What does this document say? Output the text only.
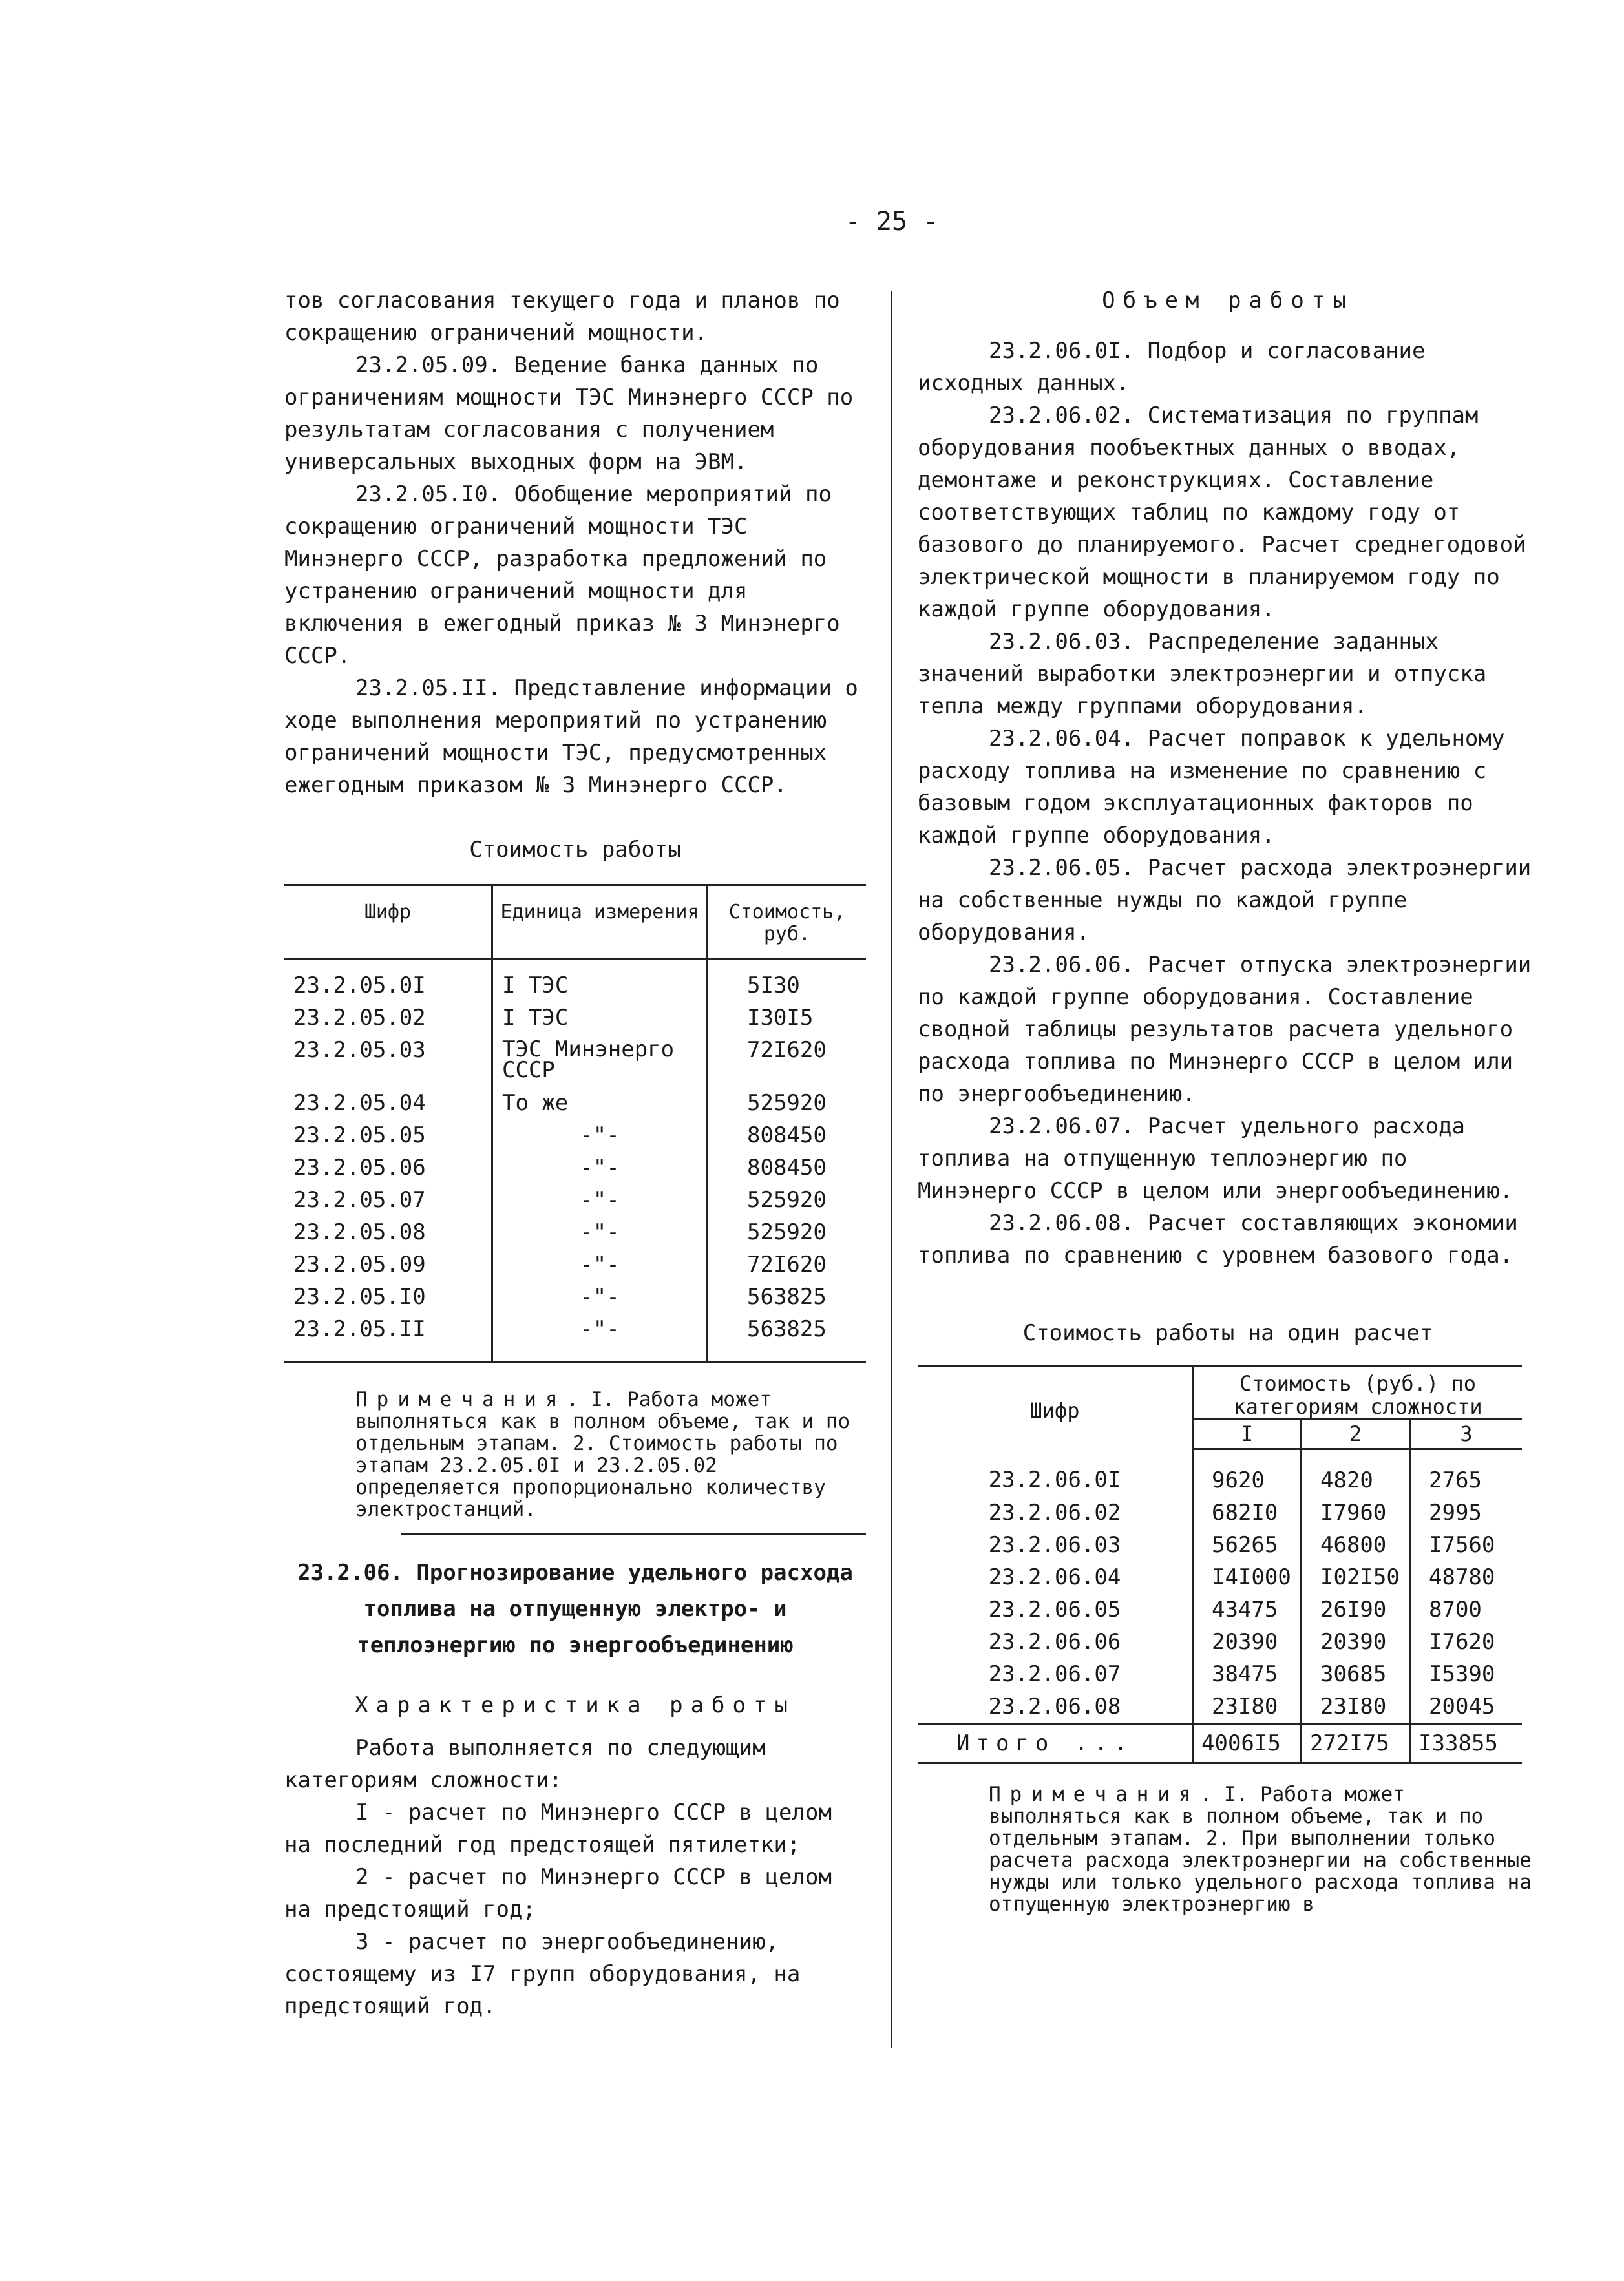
- 25 -

тов согласования текущего года и планов по сокращению ограничений мощности.

23.2.05.09. Ведение банка данных по ограничениям мощности ТЭС Минэнерго СССР по результатам согласования с получением универсальных выходных форм на ЭВМ.

23.2.05.I0. Обобщение мероприятий по сокращению ограничений мощности ТЭС Минэнерго СССР, разработка предложений по устранению ограничений мощности для включения в ежегодный приказ № 3 Минэнерго СССР.

23.2.05.II. Представление информации о ходе выполнения мероприятий по устранению ограничений мощности ТЭС, предусмотренных ежегодным приказом № 3 Минэнерго СССР.

Стоимость работы

Шифр	Единица измерения	Стоимость, руб.
23.2.05.0I	I ТЭС	5I30
23.2.05.02	I ТЭС	I30I5
23.2.05.03	ТЭС Минэнерго СССР	72I620
23.2.05.04	То же	525920
23.2.05.05	-"-	808450
23.2.05.06	-"-	808450
23.2.05.07	-"-	525920
23.2.05.08	-"-	525920
23.2.05.09	-"-	72I620
23.2.05.I0	-"-	563825
23.2.05.II	-"-	563825

Примечания. I. Работа может выполняться как в полном объеме, так и по отдельным этапам. 2. Стоимость работы по этапам 23.2.05.0I и 23.2.05.02 определяется пропорционально количеству электростанций.

23.2.06. Прогнозирование удельного расхода топлива на отпущенную электро- и теплоэнергию по энергообъединению

Характеристика работы

Работа выполняется по следующим категориям сложности:

I - расчет по Минэнерго СССР в целом на последний год предстоящей пятилетки;

2 - расчет по Минэнерго СССР в целом на предстоящий год;

3 - расчет по энергообъединению, состоящему из I7 групп оборудования, на предстоящий год.

Объем работы

23.2.06.0I. Подбор и согласование исходных данных.

23.2.06.02. Систематизация по группам оборудования пообъектных данных о вводах, демонтаже и реконструкциях. Составление соответствующих таблиц по каждому году от базового до планируемого. Расчет среднегодовой электрической мощности в планируемом году по каждой группе оборудования.

23.2.06.03. Распределение заданных значений выработки электроэнергии и отпуска тепла между группами оборудования.

23.2.06.04. Расчет поправок к удельному расходу топлива на изменение по сравнению с базовым годом эксплуатационных факторов по каждой группе оборудования.

23.2.06.05. Расчет расхода электроэнергии на собственные нужды по каждой группе оборудования.

23.2.06.06. Расчет отпуска электроэнергии по каждой группе оборудования. Составление сводной таблицы результатов расчета удельного расхода топлива по Минэнерго СССР в целом или по энергообъединению.

23.2.06.07. Расчет удельного расхода топлива на отпущенную теплоэнергию по Минэнерго СССР в целом или энергообъединению.

23.2.06.08. Расчет составляющих экономии топлива по сравнению с уровнем базового года.

Стоимость работы на один расчет

Шифр	Стоимость (руб.) по категориям сложности		
	I	2	3
23.2.06.0I	9620	4820	2765
23.2.06.02	682I0	I7960	2995
23.2.06.03	56265	46800	I7560
23.2.06.04	I4I000	I02I50	48780
23.2.06.05	43475	26I90	8700
23.2.06.06	20390	20390	I7620
23.2.06.07	38475	30685	I5390
23.2.06.08	23I80	23I80	20045
Итого ...	4006I5	272I75	I33855

Примечания. I. Работа может выполняться как в полном объеме, так и по отдельным этапам. 2. При выполнении только расчета расхода электроэнергии на собственные нужды или только удельного расхода топлива на отпущенную электроэнергию в
